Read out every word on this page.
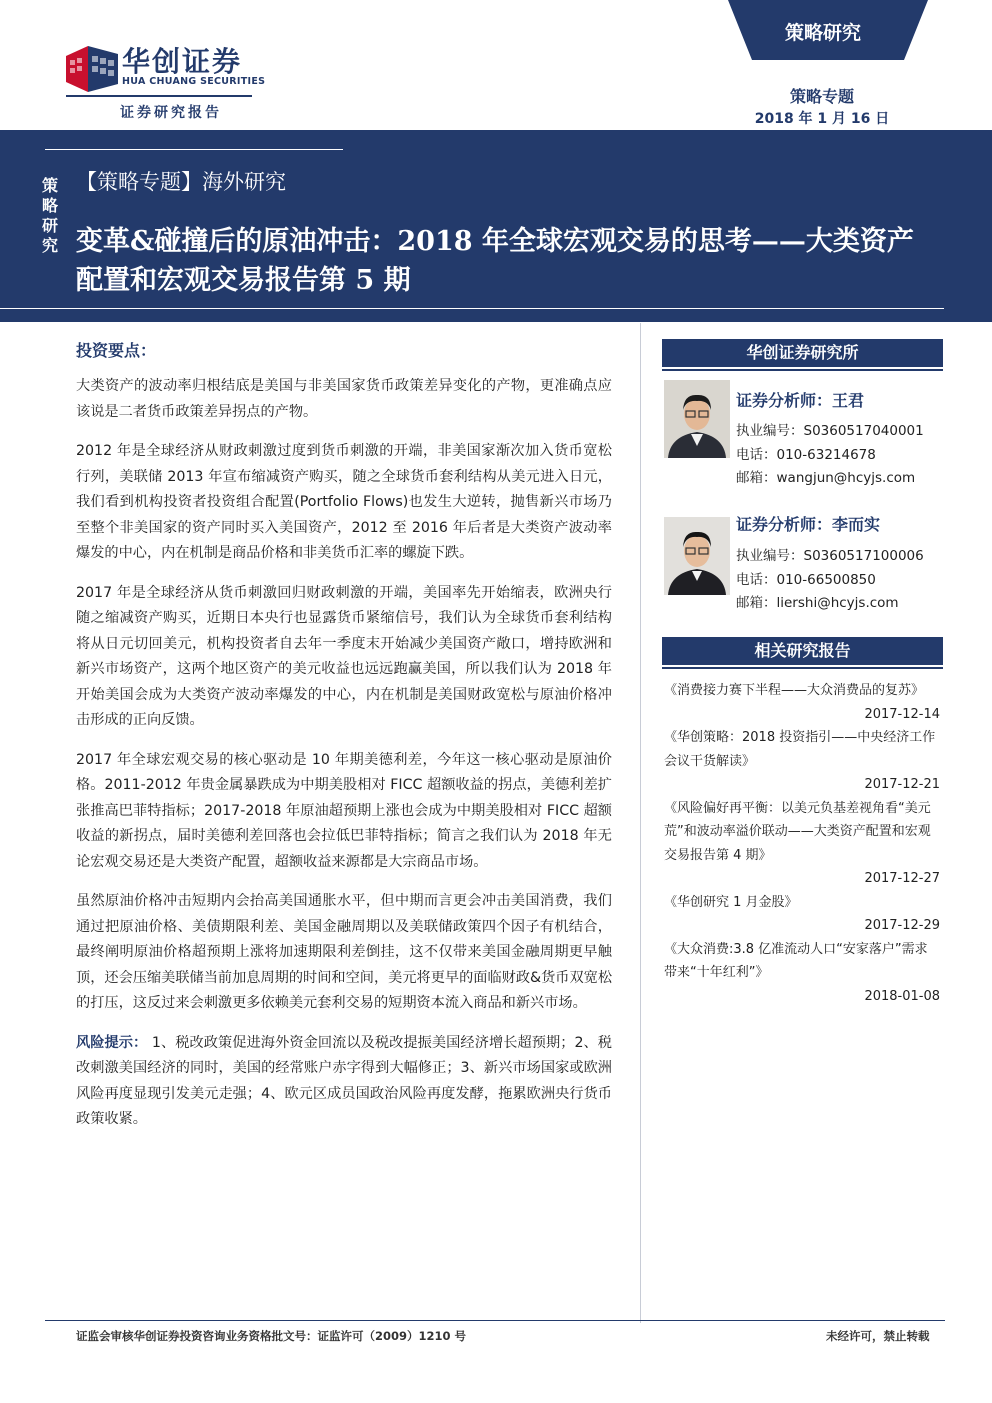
华创证券
HUA CHUANG SECURITIES
证券研究报告
策略研究
策略专题
2018 年 1 月 16 日
策略研究
【策略专题】海外研究
变革&碰撞后的原油冲击：2018 年全球宏观交易的思考——大类资产配置和宏观交易报告第 5 期
投资要点：

大类资产的波动率归根结底是美国与非美国家货币政策差异变化的产物，更准确点应该说是二者货币政策差异拐点的产物。

2012 年是全球经济从财政刺激过度到货币刺激的开端，非美国家渐次加入货币宽松行列，美联储 2013 年宣布缩减资产购买，随之全球货币套利结构从美元进入日元，我们看到机构投资者投资组合配置(Portfolio Flows)也发生大逆转，抛售新兴市场乃至整个非美国家的资产同时买入美国资产，2012 至 2016 年后者是大类资产波动率爆发的中心，内在机制是商品价格和非美货币汇率的螺旋下跌。

2017 年是全球经济从货币刺激回归财政刺激的开端，美国率先开始缩表，欧洲央行随之缩减资产购买，近期日本央行也显露货币紧缩信号，我们认为全球货币套利结构将从日元切回美元，机构投资者自去年一季度末开始减少美国资产敞口，增持欧洲和新兴市场资产，这两个地区资产的美元收益也远远跑赢美国，所以我们认为 2018 年开始美国会成为大类资产波动率爆发的中心，内在机制是美国财政宽松与原油价格冲击形成的正向反馈。

2017 年全球宏观交易的核心驱动是 10 年期美德利差，今年这一核心驱动是原油价格。2011-2012 年贵金属暴跌成为中期美股相对 FICC 超额收益的拐点，美德利差扩张推高巴菲特指标；2017-2018 年原油超预期上涨也会成为中期美股相对 FICC 超额收益的新拐点，届时美德利差回落也会拉低巴菲特指标；简言之我们认为 2018 年无论宏观交易还是大类资产配置，超额收益来源都是大宗商品市场。

虽然原油价格冲击短期内会抬高美国通胀水平，但中期而言更会冲击美国消费，我们通过把原油价格、美债期限利差、美国金融周期以及美联储政策四个因子有机结合，最终阐明原油价格超预期上涨将加速期限利差倒挂，这不仅带来美国金融周期更早触顶，还会压缩美联储当前加息周期的时间和空间，美元将更早的面临财政&货币双宽松的打压，这反过来会刺激更多依赖美元套利交易的短期资本流入商品和新兴市场。

风险提示： 1、税改政策促进海外资金回流以及税改提振美国经济增长超预期；2、税改刺激美国经济的同时，美国的经常账户赤字得到大幅修正；3、新兴市场国家或欧洲风险再度显现引发美元走强；4、欧元区成员国政治风险再度发酵，拖累欧洲央行货币政策收紧。

华创证券研究所
证券分析师：王君
执业编号：S0360517040001
电话：010-63214678
邮箱：wangjun@hcyjs.com
证券分析师：李而实
执业编号：S0360517100006
电话：010-66500850
邮箱：liershi@hcyjs.com
相关研究报告
《消费接力赛下半程——大众消费品的复苏》
2017-12-14
《华创策略：2018 投资指引——中央经济工作会议干货解读》
2017-12-21
《风险偏好再平衡：以美元负基差视角看“美元荒”和波动率溢价联动——大类资产配置和宏观交易报告第 4 期》
2017-12-27
《华创研究 1 月金股》
2017-12-29
《大众消费:3.8 亿准流动人口“安家落户”需求带来“十年红利”》
2018-01-08
证监会审核华创证券投资咨询业务资格批文号：证监许可（2009）1210 号	未经许可，禁止转载
